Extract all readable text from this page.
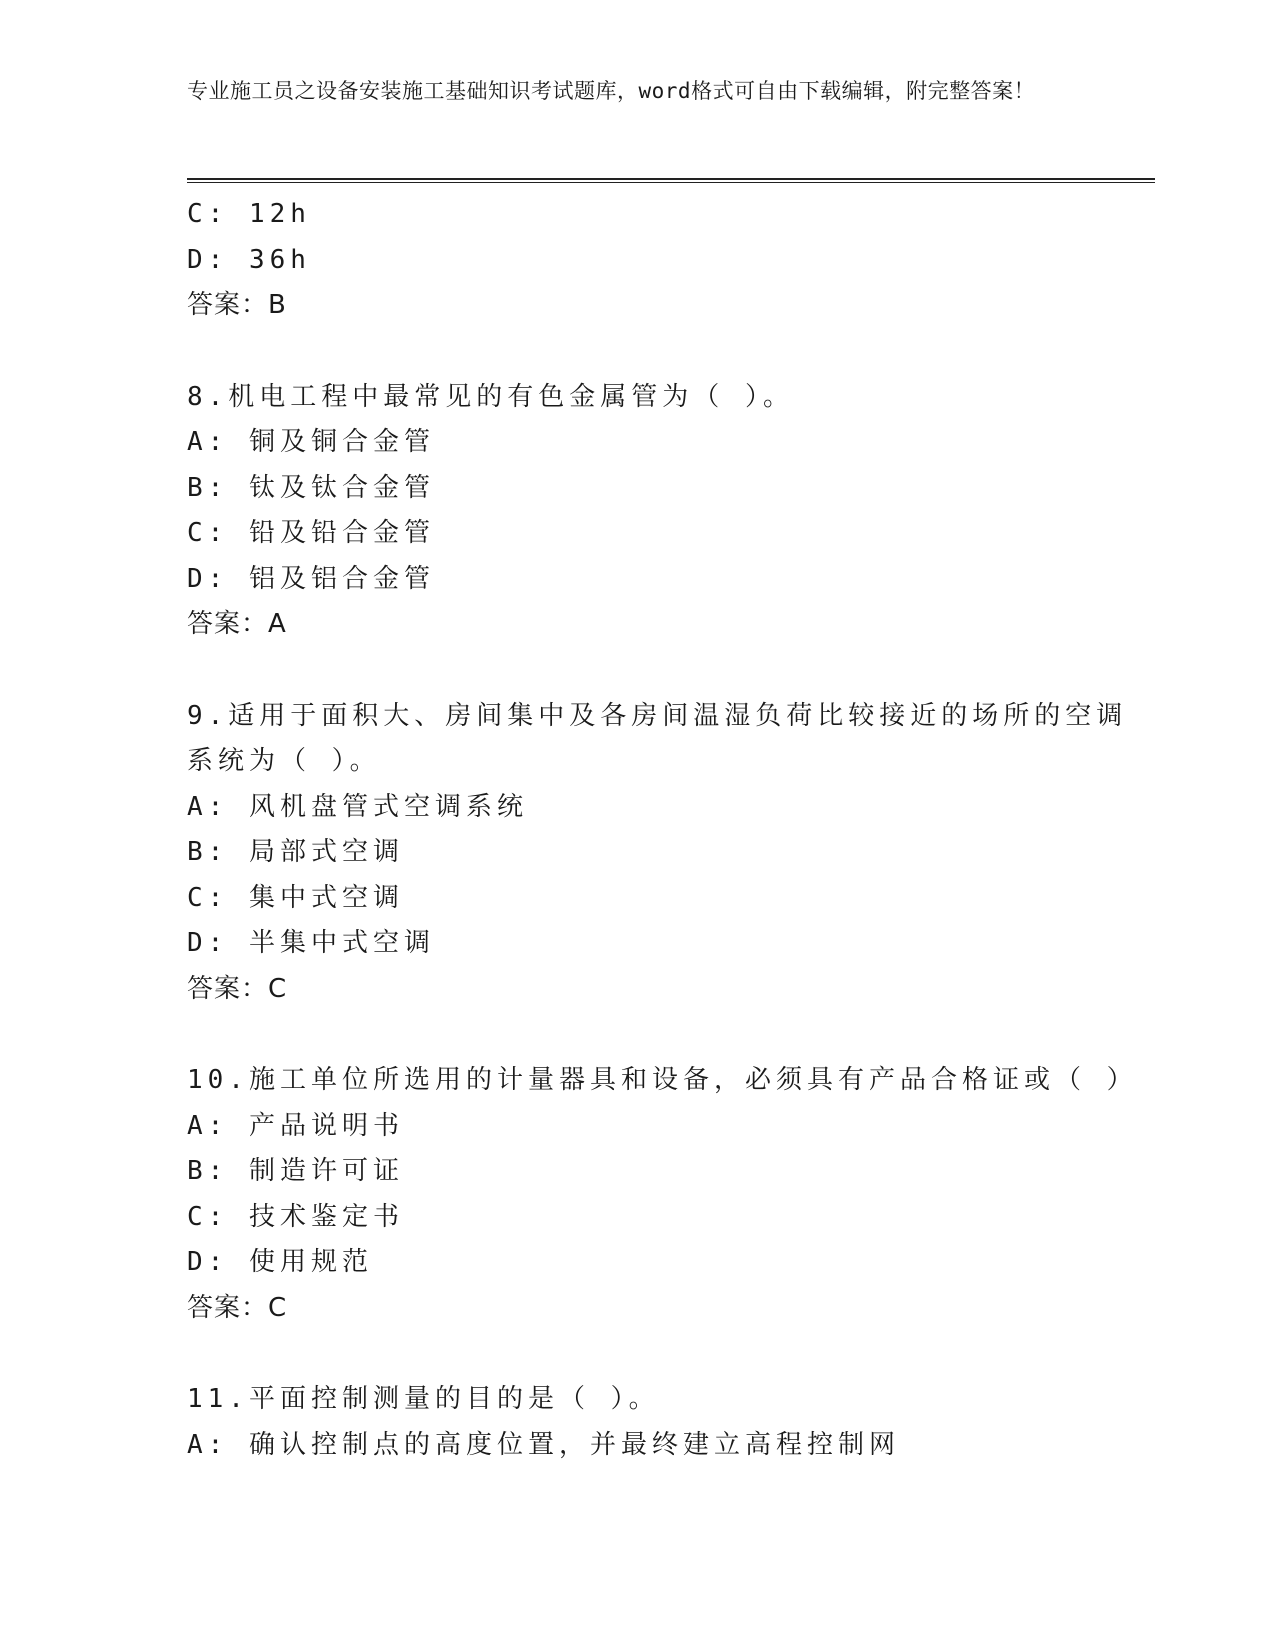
专业施工员之设备安装施工基础知识考试题库，word格式可自由下载编辑，附完整答案！
C: 12h
D: 36h
答案：B
8.机电工程中最常见的有色金属管为（ ）。
A: 铜及铜合金管
B: 钛及钛合金管
C: 铅及铅合金管
D: 铝及铝合金管
答案：A
9.适用于面积大、房间集中及各房间温湿负荷比较接近的场所的空调
系统为（ ）。
A: 风机盘管式空调系统
B: 局部式空调
C: 集中式空调
D: 半集中式空调
答案：C
10.施工单位所选用的计量器具和设备，必须具有产品合格证或（ ）
A: 产品说明书
B: 制造许可证
C: 技术鉴定书
D: 使用规范
答案：C
11.平面控制测量的目的是（ ）。
A: 确认控制点的高度位置，并最终建立高程控制网
